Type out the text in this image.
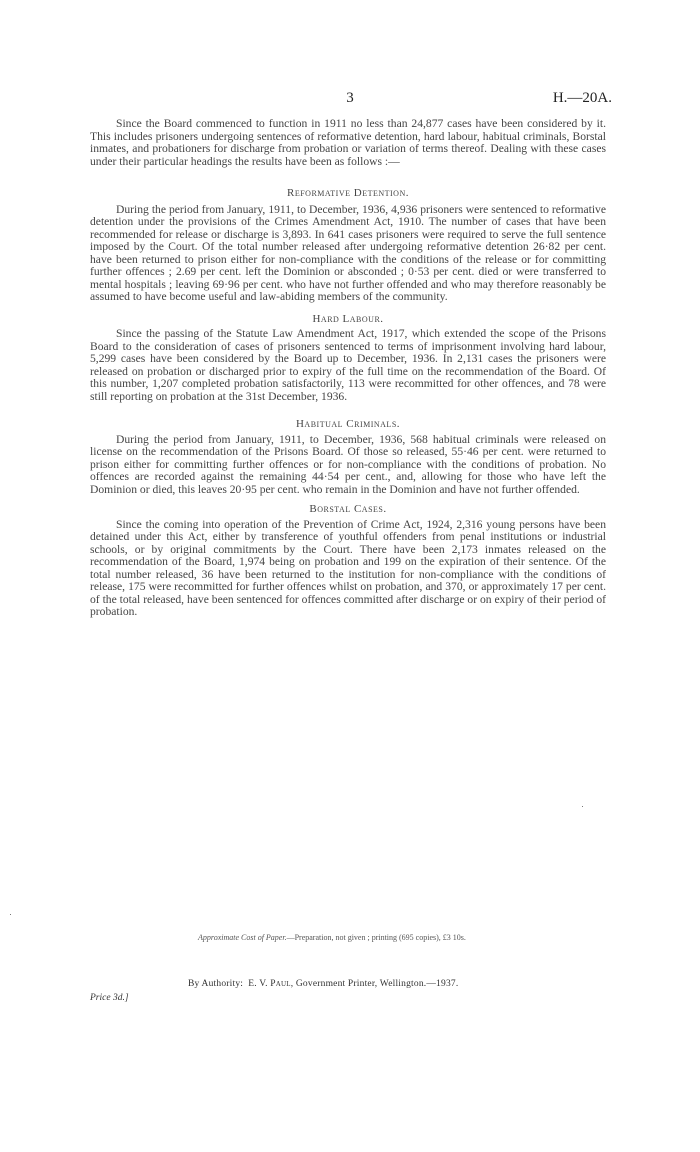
3	H.—20A.

Since the Board commenced to function in 1911 no less than 24,877 cases have been considered by it. This includes prisoners undergoing sentences of reformative detention, hard labour, habitual criminals, Borstal inmates, and probationers for discharge from probation or variation of terms thereof. Dealing with these cases under their particular headings the results have been as follows :—

Reformative Detention.

During the period from January, 1911, to December, 1936, 4,936 prisoners were sentenced to reformative detention under the provisions of the Crimes Amendment Act, 1910. The number of cases that have been recommended for release or discharge is 3,893. In 641 cases prisoners were required to serve the full sentence imposed by the Court. Of the total number released after undergoing reformative detention 26·82 per cent. have been returned to prison either for non-compliance with the conditions of the release or for committing further offences ; 2.69 per cent. left the Dominion or absconded ; 0·53 per cent. died or were transferred to mental hospitals ; leaving 69·96 per cent. who have not further offended and who may therefore reasonably be assumed to have become useful and law-abiding members of the community.

Hard Labour.

Since the passing of the Statute Law Amendment Act, 1917, which extended the scope of the Prisons Board to the consideration of cases of prisoners sentenced to terms of imprisonment involving hard labour, 5,299 cases have been considered by the Board up to December, 1936. In 2,131 cases the prisoners were released on probation or discharged prior to expiry of the full time on the recommendation of the Board. Of this number, 1,207 completed probation satisfactorily, 113 were recommitted for other offences, and 78 were still reporting on probation at the 31st December, 1936.

Habitual Criminals.

During the period from January, 1911, to December, 1936, 568 habitual criminals were released on license on the recommendation of the Prisons Board. Of those so released, 55·46 per cent. were returned to prison either for committing further offences or for non-compliance with the conditions of probation. No offences are recorded against the remaining 44·54 per cent., and, allowing for those who have left the Dominion or died, this leaves 20·95 per cent. who remain in the Dominion and have not further offended.

Borstal Cases.

Since the coming into operation of the Prevention of Crime Act, 1924, 2,316 young persons have been detained under this Act, either by transference of youthful offenders from penal institutions or industrial schools, or by original commitments by the Court. There have been 2,173 inmates released on the recommendation of the Board, 1,974 being on probation and 199 on the expiration of their sentence. Of the total number released, 36 have been returned to the institution for non-compliance with the conditions of release, 175 were recommitted for further offences whilst on probation, and 370, or approximately 17 per cent. of the total released, have been sentenced for offences committed after discharge or on expiry of their period of probation.

Approximate Cost of Paper.—Preparation, not given ; printing (695 copies), £3 10s.
By Authority: E. V. Paul, Government Printer, Wellington.—1937.
Price 3d.]
